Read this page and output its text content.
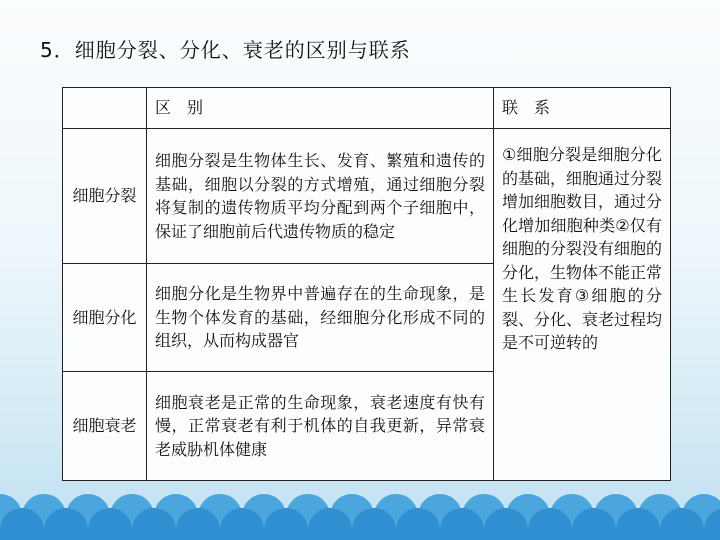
5．细胞分裂、分化、衰老的区别与联系
	区　别	联　系
细胞分裂	细胞分裂是生物体生长、发育、繁殖和遗传的基础，细胞以分裂的方式增殖，通过细胞分裂将复制的遗传物质平均分配到两个子细胞中，保证了细胞前后代遗传物质的稳定	①细胞分裂是细胞分化的基础，细胞通过分裂增加细胞数目，通过分化增加细胞种类②仅有细胞的分裂没有细胞的分化，生物体不能正常生长发育③细胞的分裂、分化、衰老过程均是不可逆转的
细胞分化	细胞分化是生物界中普遍存在的生命现象，是生物个体发育的基础，经细胞分化形成不同的组织，从而构成器官	
细胞衰老	细胞衰老是正常的生命现象，衰老速度有快有慢，正常衰老有利于机体的自我更新，异常衰老威胁机体健康	
